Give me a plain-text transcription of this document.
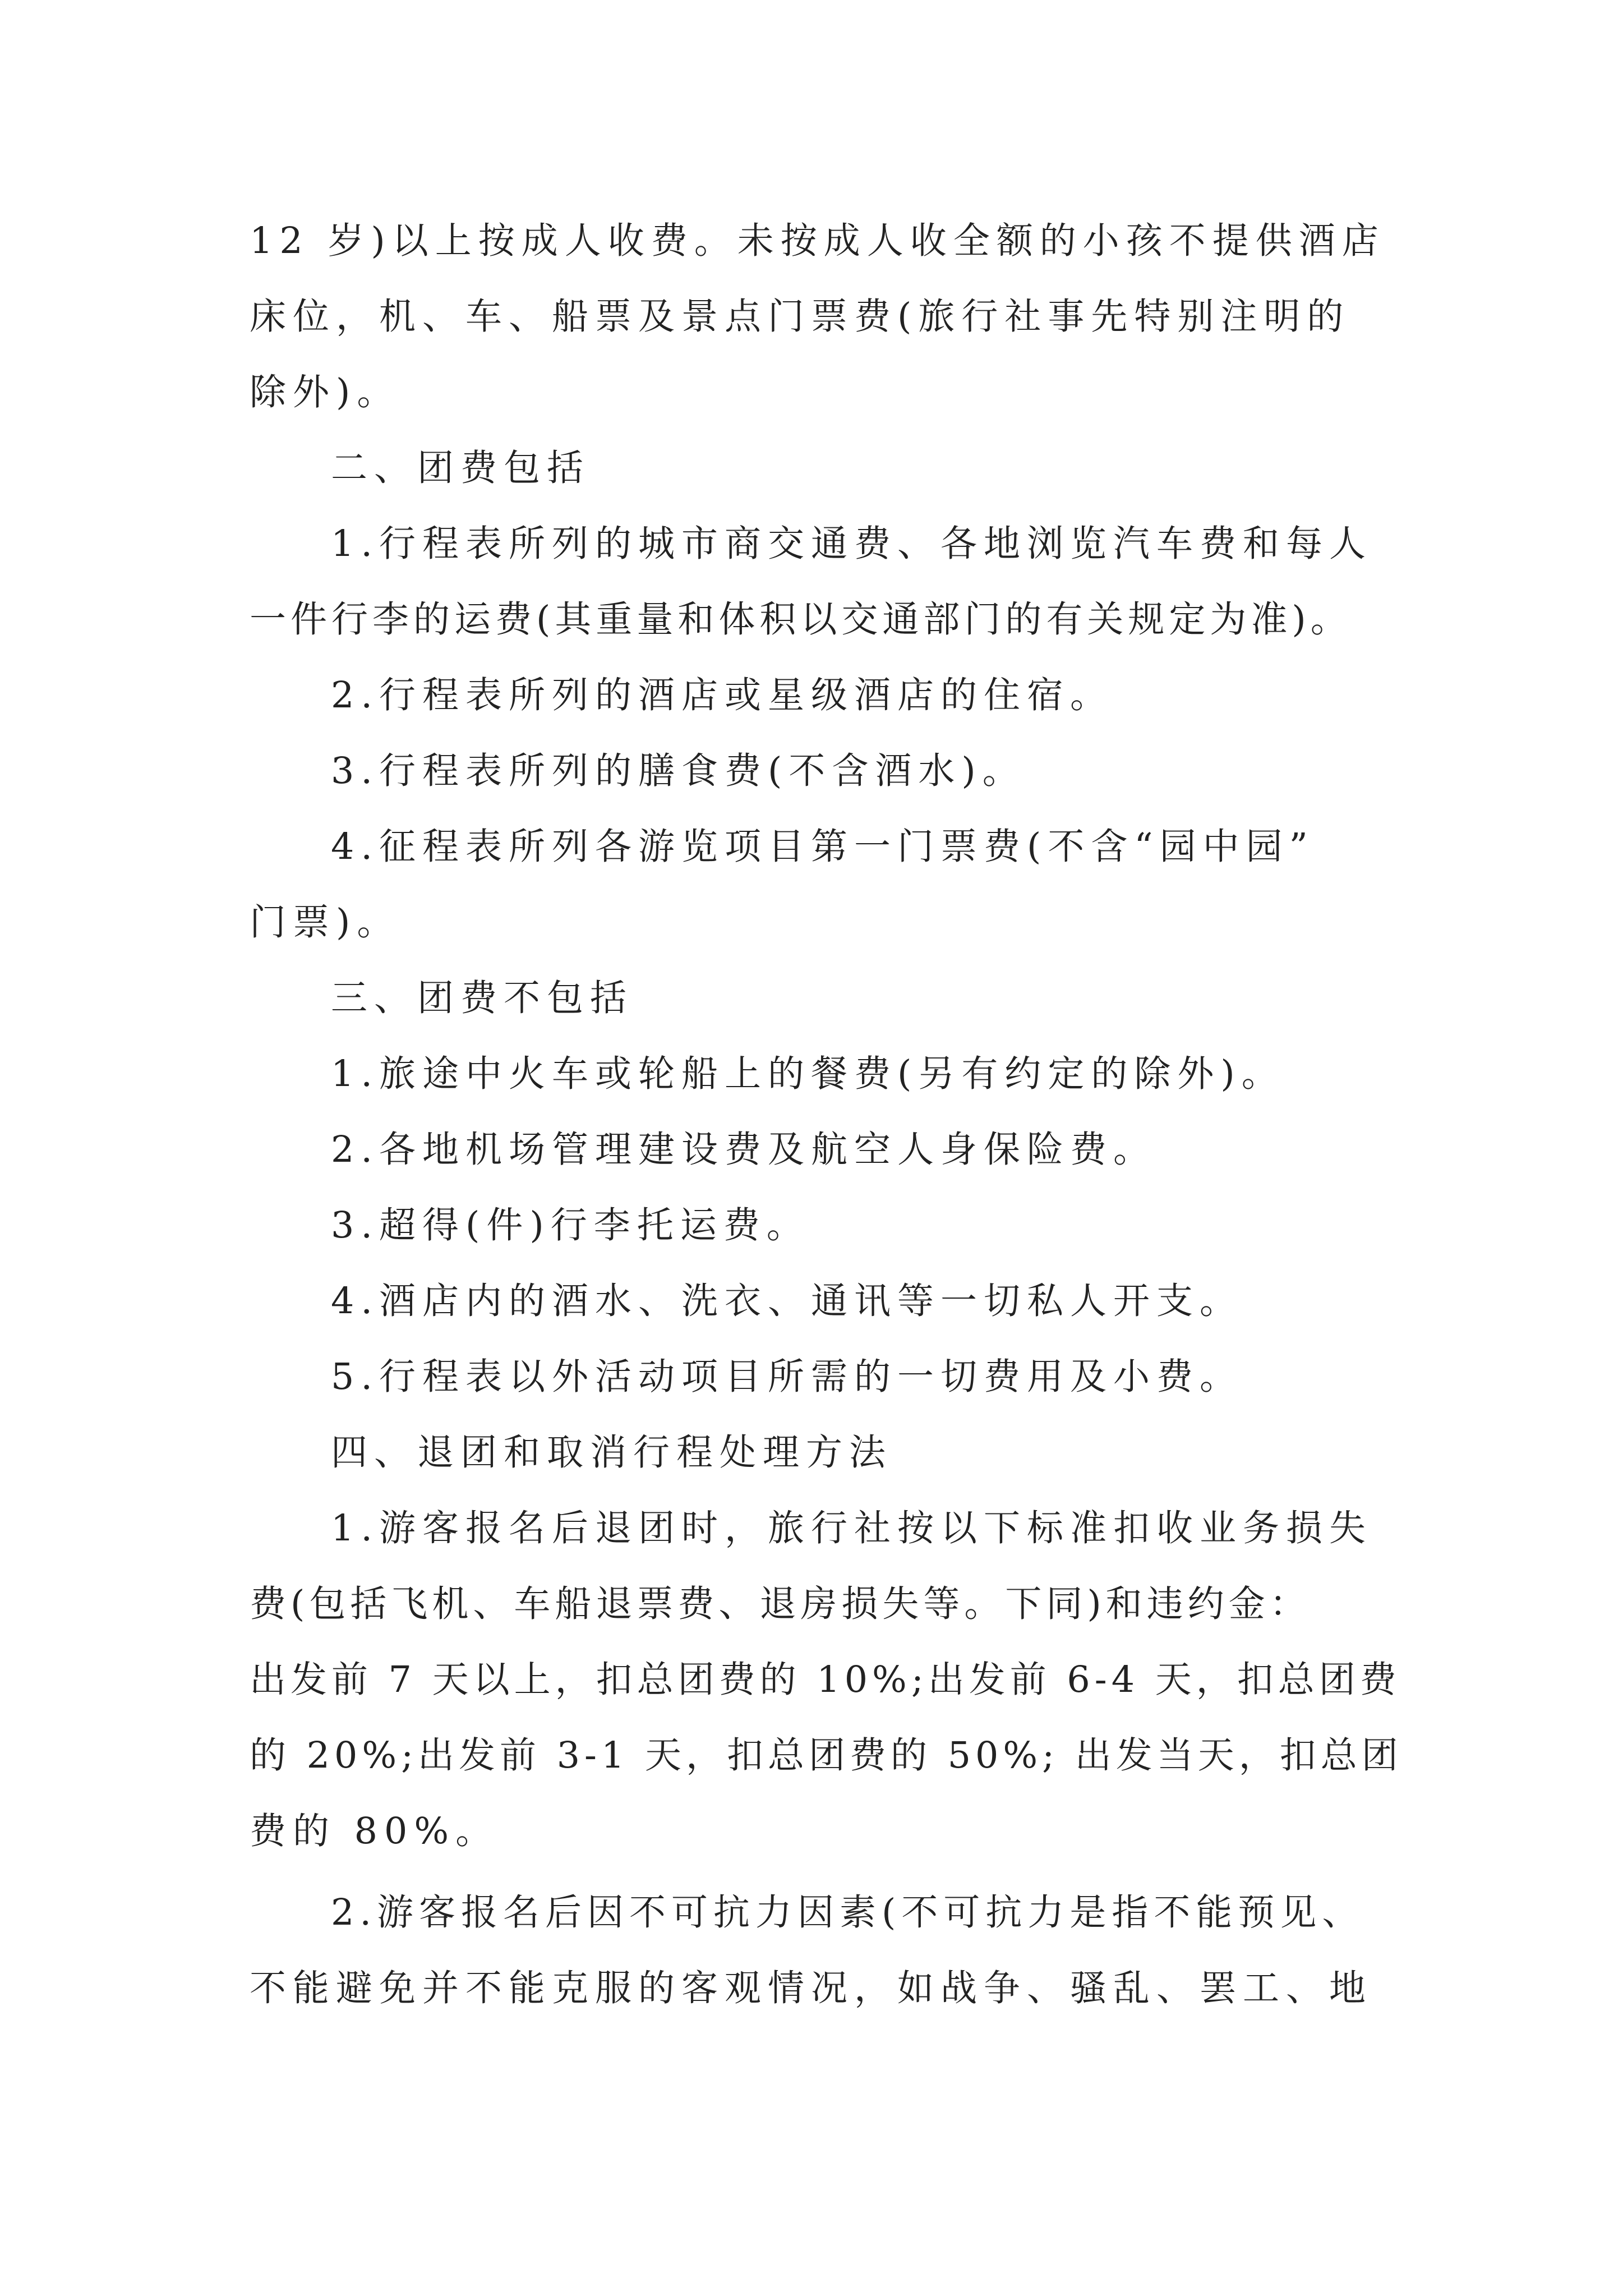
12 岁)以上按成人收费。未按成人收全额的小孩不提供酒店
床位，机、车、船票及景点门票费(旅行社事先特别注明的
除外)。
二、团费包括
1.行程表所列的城市商交通费、各地浏览汽车费和每人
一件行李的运费(其重量和体积以交通部门的有关规定为准)。
2.行程表所列的酒店或星级酒店的住宿。
3.行程表所列的膳食费(不含酒水)。
4.征程表所列各游览项目第一门票费(不含“园中园”
门票)。
三、团费不包括
1.旅途中火车或轮船上的餐费(另有约定的除外)。
2.各地机场管理建设费及航空人身保险费。
3.超得(件)行李托运费。
4.酒店内的酒水、洗衣、通讯等一切私人开支。
5.行程表以外活动项目所需的一切费用及小费。
四、退团和取消行程处理方法
1.游客报名后退团时，旅行社按以下标准扣收业务损失
费(包括飞机、车船退票费、退房损失等。下同)和违约金：
出发前 7 天以上，扣总团费的 10%;出发前 6-4 天，扣总团费
的 20%;出发前 3-1 天，扣总团费的 50%; 出发当天，扣总团
费的 80%。
2.游客报名后因不可抗力因素(不可抗力是指不能预见、
不能避免并不能克服的客观情况，如战争、骚乱、罢工、地
